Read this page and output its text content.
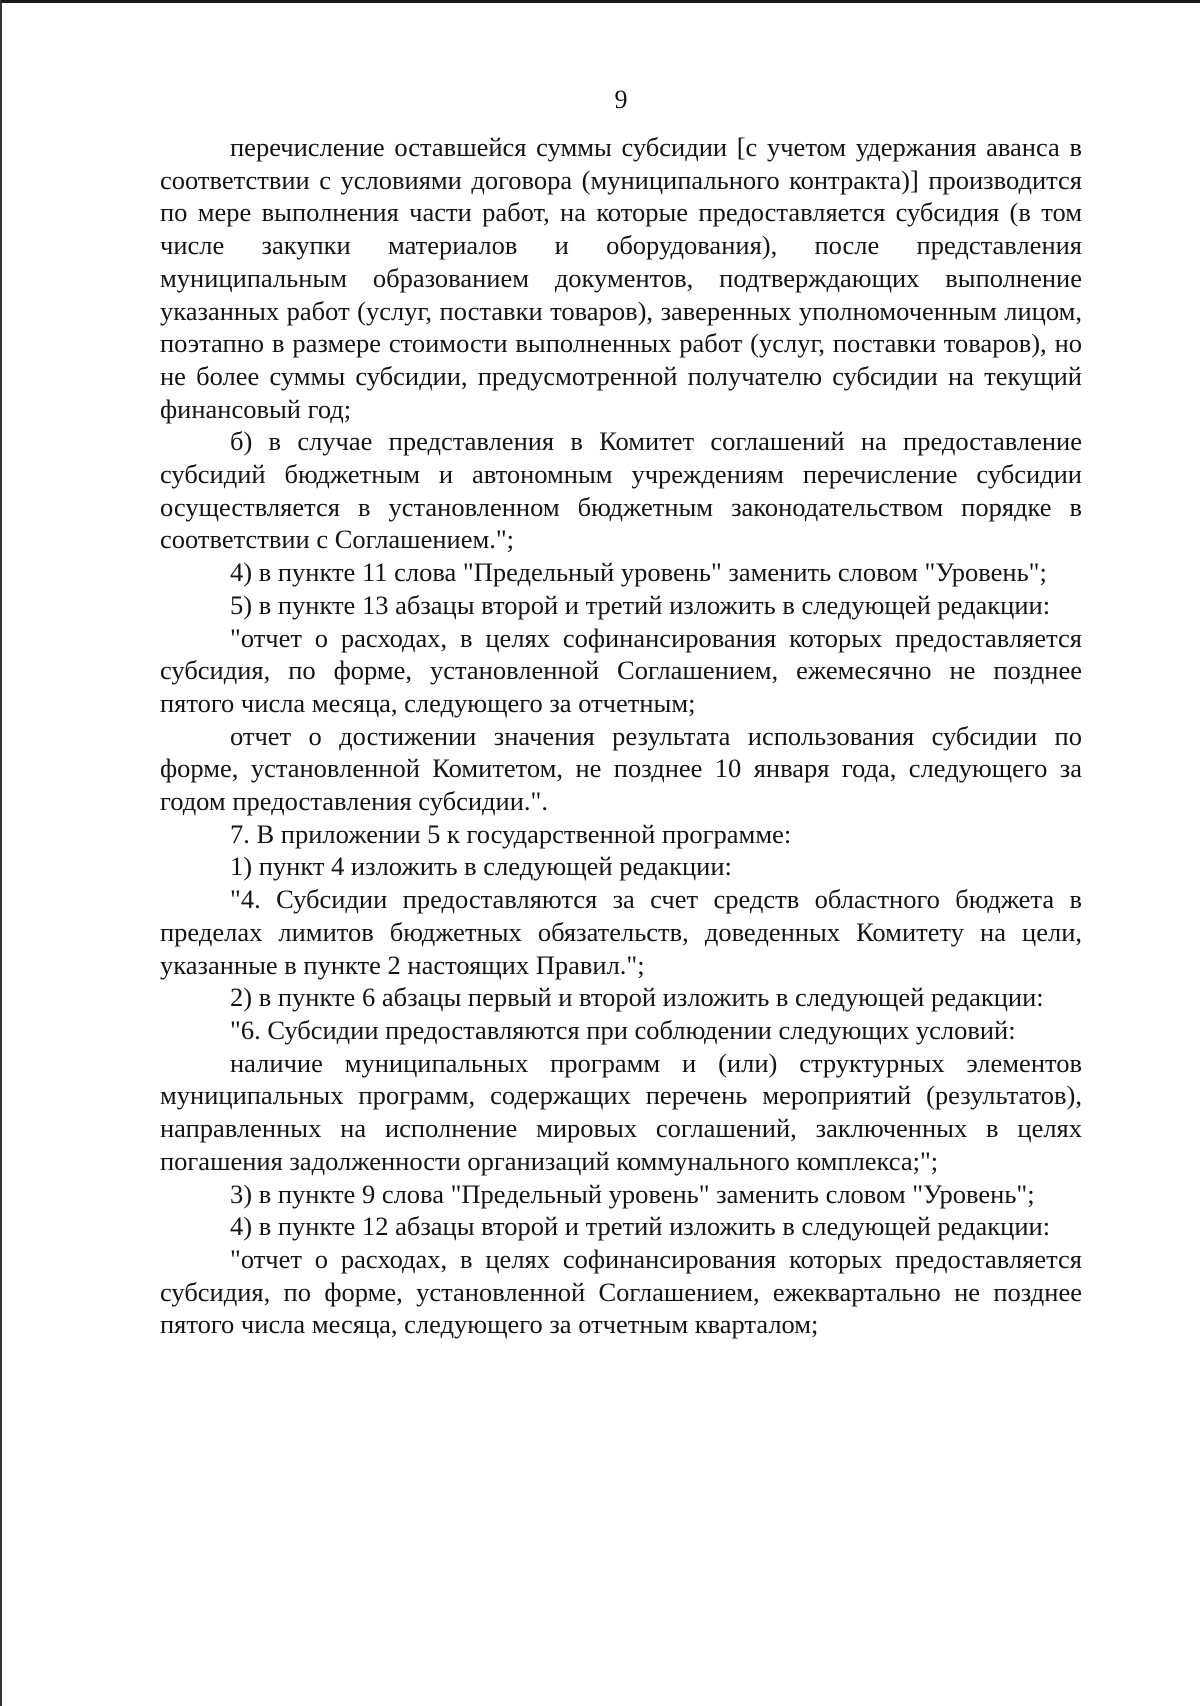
9

перечисление оставшейся суммы субсидии [с учетом удержания аванса в соответствии с условиями договора (муниципального контракта)] производится по мере выполнения части работ, на которые предоставляется субсидия (в том числе закупки материалов и оборудования), после представления муниципальным образованием документов, подтверждающих выполнение указанных работ (услуг, поставки товаров), заверенных уполномоченным лицом, поэтапно в размере стоимости выполненных работ (услуг, поставки товаров), но не более суммы субсидии, предусмотренной получателю субсидии на текущий финансовый год;

б) в случае представления в Комитет соглашений на предоставление субсидий бюджетным и автономным учреждениям перечисление субсидии осуществляется в установленном бюджетным законодательством порядке в соответствии с Соглашением.";

4) в пункте 11 слова "Предельный уровень" заменить словом "Уровень";

5) в пункте 13 абзацы второй и третий изложить в следующей редакции:

"отчет о расходах, в целях софинансирования которых предоставляется субсидия, по форме, установленной Соглашением, ежемесячно не позднее пятого числа месяца, следующего за отчетным;

отчет о достижении значения результата использования субсидии по форме, установленной Комитетом, не позднее 10 января года, следующего за годом предоставления субсидии.".

7. В приложении 5 к государственной программе:

1) пункт 4 изложить в следующей редакции:

"4. Субсидии предоставляются за счет средств областного бюджета в пределах лимитов бюджетных обязательств, доведенных Комитету на цели, указанные в пункте 2 настоящих Правил.";

2) в пункте 6 абзацы первый и второй изложить в следующей редакции:

"6. Субсидии предоставляются при соблюдении следующих условий:

наличие муниципальных программ и (или) структурных элементов муниципальных программ, содержащих перечень мероприятий (результатов), направленных на исполнение мировых соглашений, заключенных в целях погашения задолженности организаций коммунального комплекса;";

3) в пункте 9 слова "Предельный уровень" заменить словом "Уровень";

4) в пункте 12 абзацы второй и третий изложить в следующей редакции:

"отчет о расходах, в целях софинансирования которых предоставляется субсидия, по форме, установленной Соглашением, ежеквартально не позднее пятого числа месяца, следующего за отчетным кварталом;
